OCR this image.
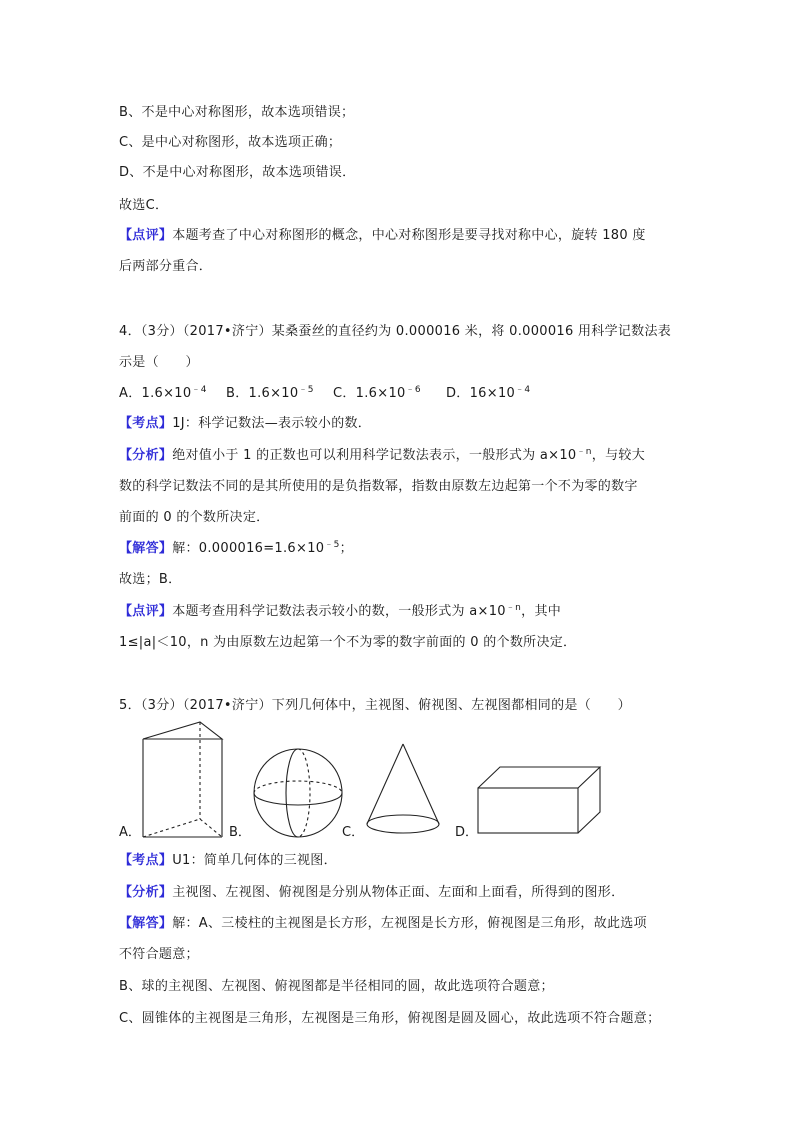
B、不是中心对称图形，故本选项错误；

C、是中心对称图形，故本选项正确；

D、不是中心对称图形，故本选项错误．

故选C．

【点评】本题考查了中心对称图形的概念，中心对称图形是要寻找对称中心，旋转 180 度

后两部分重合．

4．（3分）（2017•济宁）某桑蚕丝的直径约为 0.000016 米，将 0.000016 用科学记数法表

示是（　　）

A．$1.6\times 10^{﹣4}$ B．$1.6\times 10^{﹣5}$ C．$1.6\times 10^{﹣6}$ D．$16\times 10^{﹣4}$

【考点】1J：科学记数法—表示较小的数．

【分析】绝对值小于 1 的正数也可以利用科学记数法表示，一般形式为 $a\times 10^{﹣n}$，与较大

数的科学记数法不同的是其所使用的是负指数幂，指数由原数左边起第一个不为零的数字

前面的 0 的个数所决定．

【解答】解：$0.000016=1.6\times 10^{﹣5}$；

故选；B．

【点评】本题考查用科学记数法表示较小的数，一般形式为 $a\times 10^{﹣n}$，其中

1≤|a|＜10，n 为由原数左边起第一个不为零的数字前面的 0 的个数所决定．

5．（3分）（2017•济宁）下列几何体中，主视图、俯视图、左视图都相同的是（　　）

A．	B．	C．	D．

【考点】U1：简单几何体的三视图．

【分析】主视图、左视图、俯视图是分别从物体正面、左面和上面看，所得到的图形．

【解答】解：A、三棱柱的主视图是长方形，左视图是长方形，俯视图是三角形，故此选项

不符合题意；

B、球的主视图、左视图、俯视图都是半径相同的圆，故此选项符合题意；

C、圆锥体的主视图是三角形，左视图是三角形，俯视图是圆及圆心，故此选项不符合题意；
